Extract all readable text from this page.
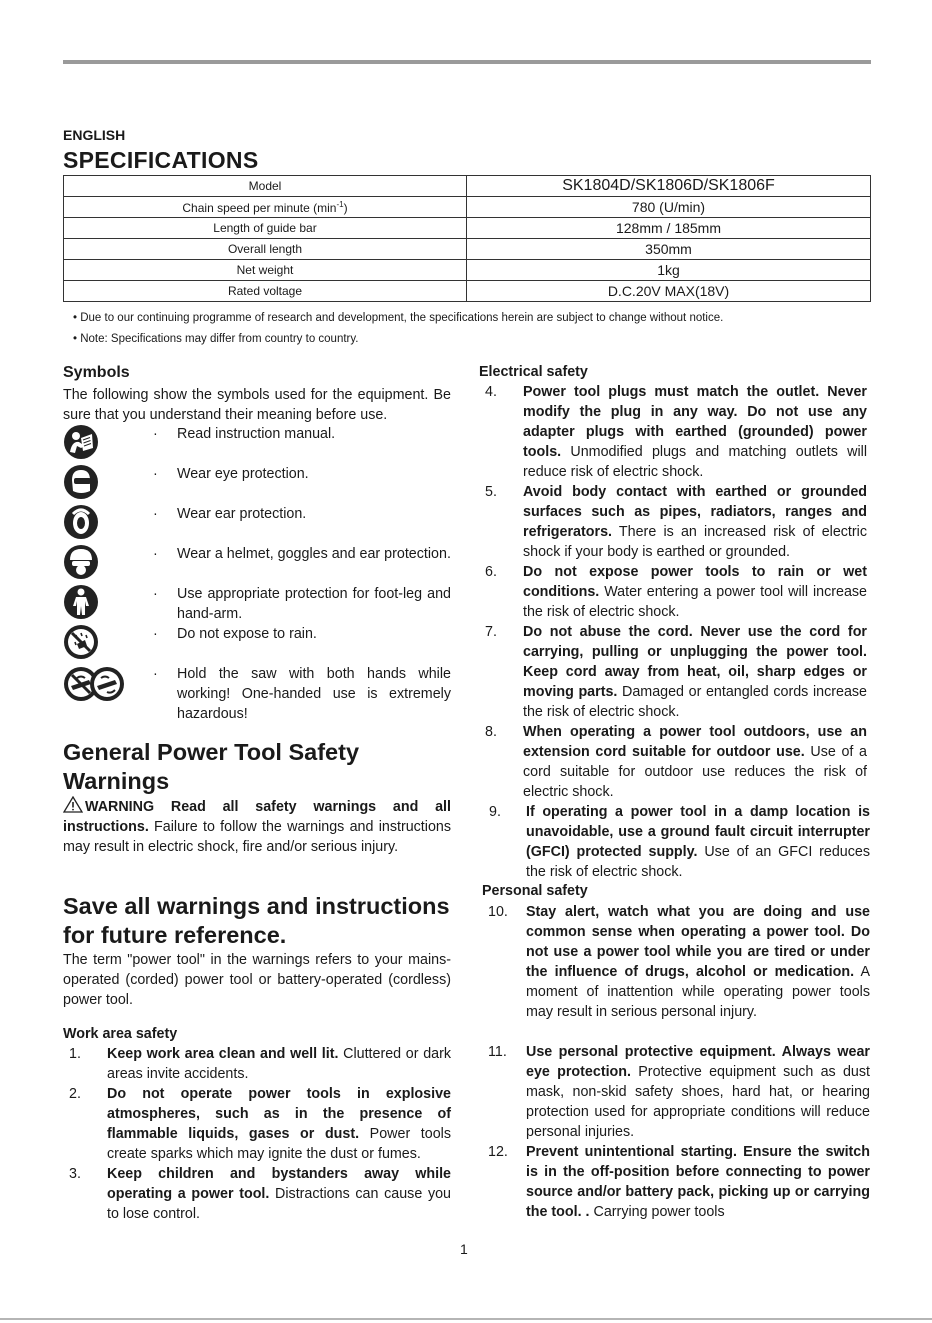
ENGLISH
SPECIFICATIONS
Model	SK1804D/SK1806D/SK1806F
Chain speed per minute $(\min^{-1})$	780 (U/min)
Length of guide bar	128mm / 185mm
Overall length	350mm
Net weight	1kg
Rated voltage	D.C.20V MAX(18V)
• Due to our continuing programme of research and development, the specifications herein are subject to change without notice.
• Note: Specifications may differ from country to country.
Symbols
The following show the symbols used for the equipment. Be sure that you understand their meaning before use.
· Read instruction manual.
· Wear eye protection.
· Wear ear protection.
· Wear a helmet, goggles and ear protection.
· Use appropriate protection for foot-leg and hand-arm.
· Do not expose to rain.
· Hold the saw with both hands while working! One-handed use is extremely hazardous!
General Power Tool Safety Warnings
WARNING Read all safety warnings and all instructions. Failure to follow the warnings and instructions may result in electric shock, fire and/or serious injury.
Save all warnings and instructions for future reference.
The term "power tool" in the warnings refers to your mains-operated (corded) power tool or battery-operated (cordless) power tool.
Work area safety
1. Keep work area clean and well lit. Cluttered or dark areas invite accidents.
2. Do not operate power tools in explosive atmospheres, such as in the presence of flammable liquids, gases or dust. Power tools create sparks which may ignite the dust or fumes.
3. Keep children and bystanders away while operating a power tool. Distractions can cause you to lose control.
Electrical safety
4. Power tool plugs must match the outlet. Never modify the plug in any way. Do not use any adapter plugs with earthed (grounded) power tools. Unmodified plugs and matching outlets will reduce risk of electric shock.
5. Avoid body contact with earthed or grounded surfaces such as pipes, radiators, ranges and refrigerators. There is an increased risk of electric shock if your body is earthed or grounded.
6. Do not expose power tools to rain or wet conditions. Water entering a power tool will increase the risk of electric shock.
7. Do not abuse the cord. Never use the cord for carrying, pulling or unplugging the power tool. Keep cord away from heat, oil, sharp edges or moving parts. Damaged or entangled cords increase the risk of electric shock.
8. When operating a power tool outdoors, use an extension cord suitable for outdoor use. Use of a cord suitable for outdoor use reduces the risk of electric shock.
9. If operating a power tool in a damp location is unavoidable, use a ground fault circuit interrupter (GFCI) protected supply. Use of an GFCI reduces the risk of electric shock.
Personal safety
10. Stay alert, watch what you are doing and use common sense when operating a power tool. Do not use a power tool while you are tired or under the influence of drugs, alcohol or medication. A moment of inattention while operating power tools may result in serious personal injury.
11. Use personal protective equipment. Always wear eye protection. Protective equipment such as dust mask, non-skid safety shoes, hard hat, or hearing protection used for appropriate conditions will reduce personal injuries.
12. Prevent unintentional starting. Ensure the switch is in the off-position before connecting to power source and/or battery pack, picking up or carrying the tool. . Carrying power tools
1
